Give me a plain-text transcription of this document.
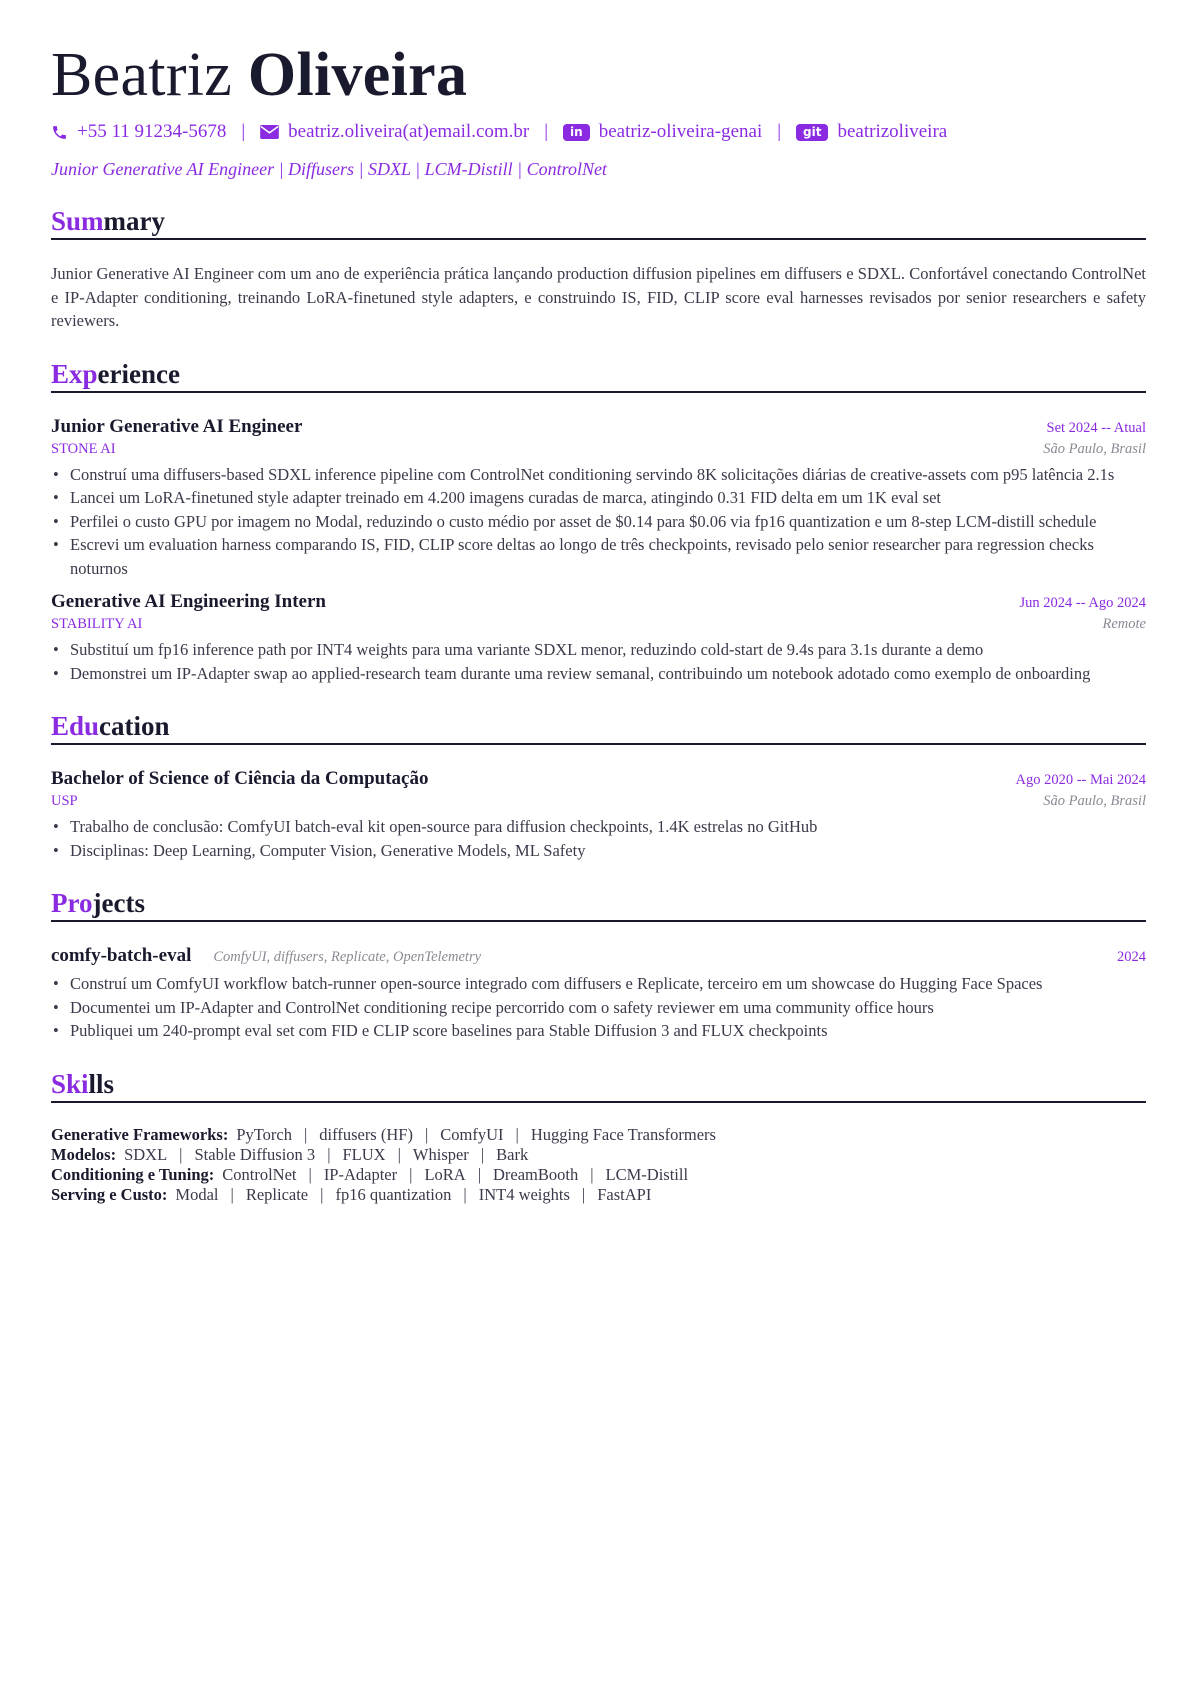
Beatriz Oliveira
+55 11 91234-5678 | beatriz.oliveira(at)email.com.br |	in beatriz-oliveira-genai |	git beatrizoliveira
Junior Generative AI Engineer | Diffusers | SDXL | LCM-Distill | ControlNet
Summary

Junior Generative AI Engineer com um ano de experiência prática lançando production diffusion pipelines em diffusers e SDXL. Confortável conectando ControlNet e IP-Adapter conditioning, treinando LoRA-finetuned style adapters, e construindo IS, FID, CLIP score eval harnesses revisados por senior researchers e safety reviewers.

Experience
Junior Generative AI Engineer	Set 2024 -- Atual
STONE AI	São Paulo, Brasil
• Construí uma diffusers-based SDXL inference pipeline com ControlNet conditioning servindo 8K solicitações diárias de creative-assets com p95 latência 2.1s
• Lancei um LoRA-finetuned style adapter treinado em 4.200 imagens curadas de marca, atingindo 0.31 FID delta em um 1K eval set
• Perfilei o custo GPU por imagem no Modal, reduzindo o custo médio por asset de $0.14 para $0.06 via fp16 quantization e um 8-step LCM-distill schedule
• Escrevi um evaluation harness comparando IS, FID, CLIP score deltas ao longo de três checkpoints, revisado pelo senior researcher para regression checks noturnos
Generative AI Engineering Intern	Jun 2024 -- Ago 2024
STABILITY AI	Remote
• Substituí um fp16 inference path por INT4 weights para uma variante SDXL menor, reduzindo cold-start de 9.4s para 3.1s durante a demo
• Demonstrei um IP-Adapter swap ao applied-research team durante uma review semanal, contribuindo um notebook adotado como exemplo de onboarding
Education
Bachelor of Science of Ciência da Computação	Ago 2020 -- Mai 2024
USP	São Paulo, Brasil
• Trabalho de conclusão: ComfyUI batch-eval kit open-source para diffusion checkpoints, 1.4K estrelas no GitHub
• Disciplinas: Deep Learning, Computer Vision, Generative Models, ML Safety
Projects
comfy-batch-eval ComfyUI, diffusers, Replicate, OpenTelemetry	2024
• Construí um ComfyUI workflow batch-runner open-source integrado com diffusers e Replicate, terceiro em um showcase do Hugging Face Spaces
• Documentei um IP-Adapter and ControlNet conditioning recipe percorrido com o safety reviewer em uma community office hours
• Publiquei um 240-prompt eval set com FID e CLIP score baselines para Stable Diffusion 3 and FLUX checkpoints
Skills
Generative Frameworks: PyTorch | diffusers (HF) | ComfyUI | Hugging Face Transformers
Modelos: SDXL | Stable Diffusion 3 | FLUX | Whisper | Bark
Conditioning e Tuning: ControlNet | IP-Adapter | LoRA | DreamBooth | LCM-Distill
Serving e Custo: Modal | Replicate | fp16 quantization | INT4 weights | FastAPI
